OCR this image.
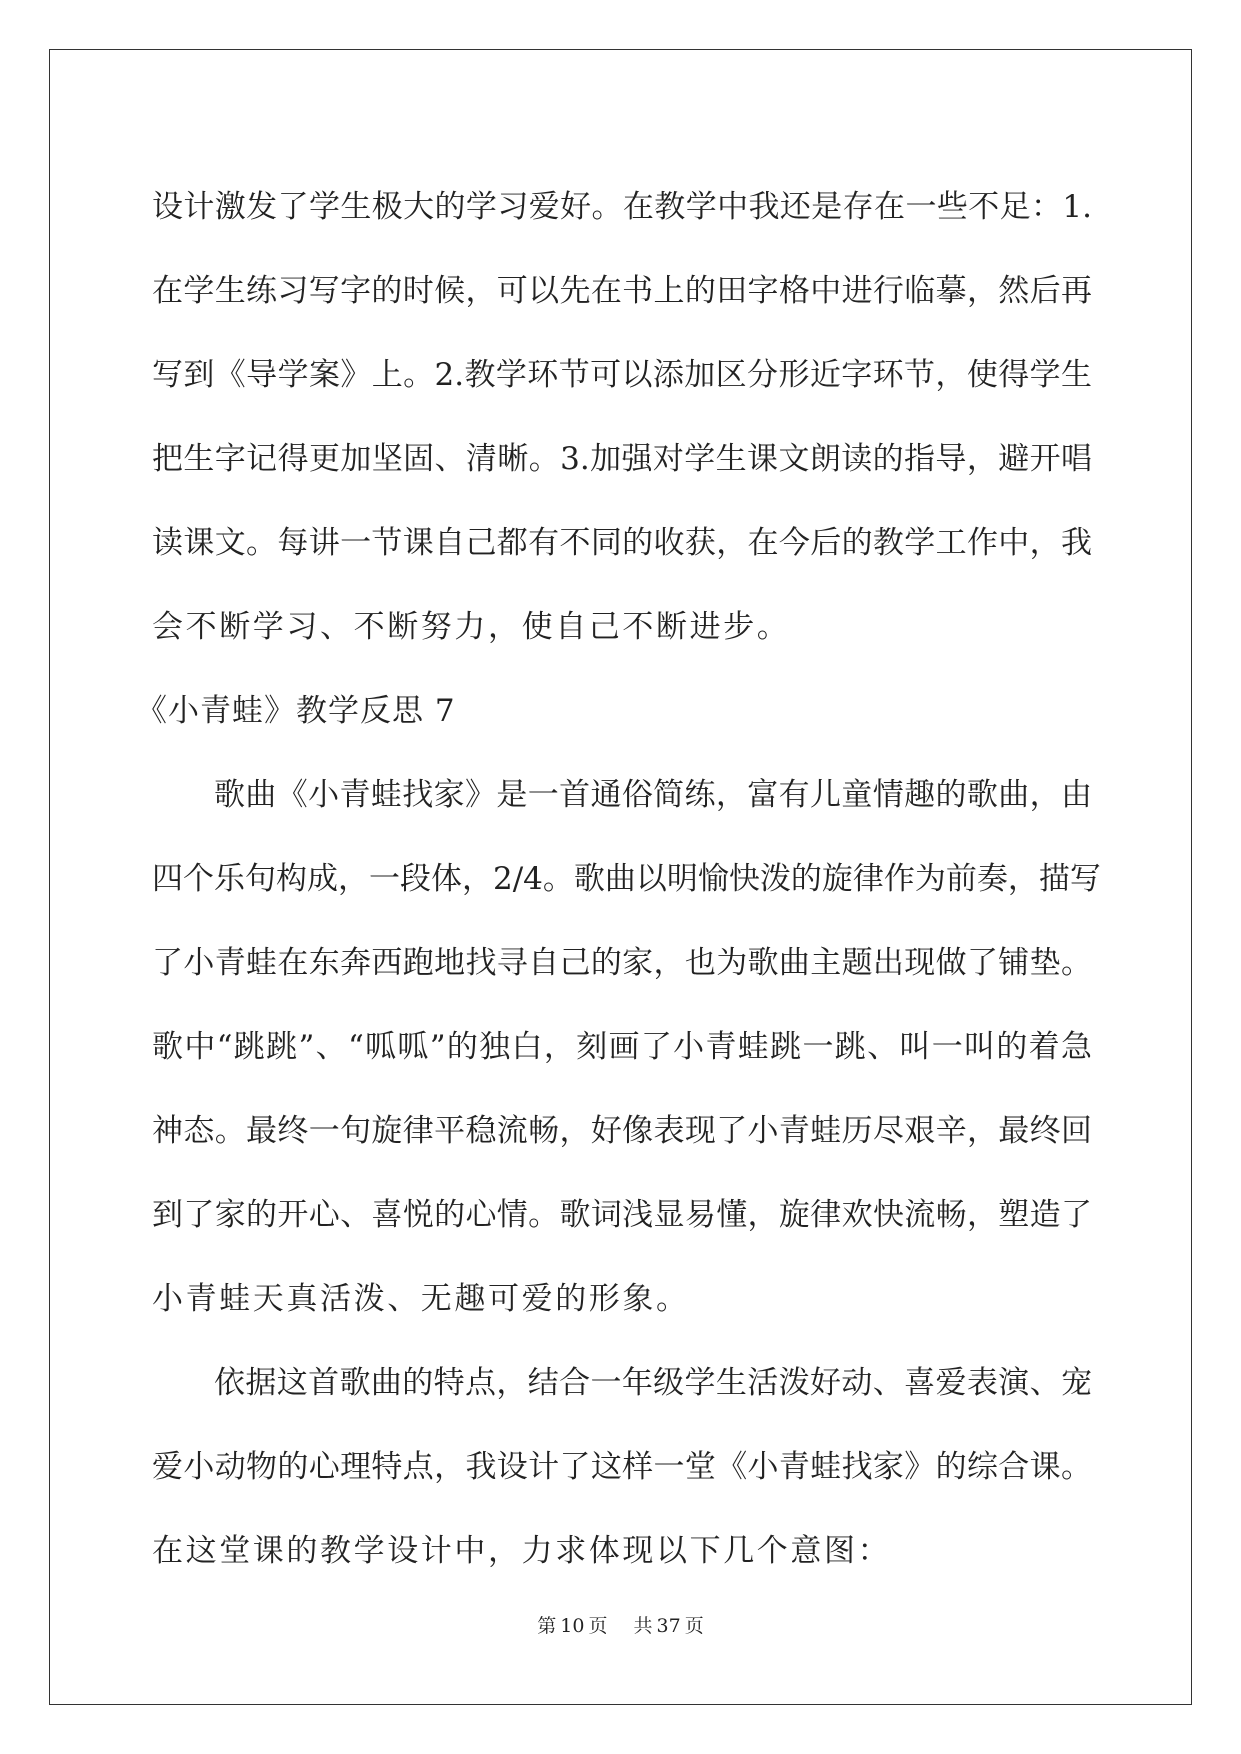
设计激发了学生极大的学习爱好。在教学中我还是存在一些不足：1.
在学生练习写字的时候，可以先在书上的田字格中进行临摹，然后再
写到《导学案》上。2.教学环节可以添加区分形近字环节，使得学生
把生字记得更加坚固、清晰。3.加强对学生课文朗读的指导，避开唱
读课文。每讲一节课自己都有不同的收获，在今后的教学工作中，我
会不断学习、不断努力，使自己不断进步。
《小青蛙》教学反思 7
歌曲《小青蛙找家》是一首通俗简练，富有儿童情趣的歌曲，由
四个乐句构成，一段体，2/4。歌曲以明愉快泼的旋律作为前奏，描写
了小青蛙在东奔西跑地找寻自己的家，也为歌曲主题出现做了铺垫。
歌中“跳跳”、“呱呱”的独白，刻画了小青蛙跳一跳、叫一叫的着急
神态。最终一句旋律平稳流畅，好像表现了小青蛙历尽艰辛，最终回
到了家的开心、喜悦的心情。歌词浅显易懂，旋律欢快流畅，塑造了
小青蛙天真活泼、无趣可爱的形象。
依据这首歌曲的特点，结合一年级学生活泼好动、喜爱表演、宠
爱小动物的心理特点，我设计了这样一堂《小青蛙找家》的综合课。
在这堂课的教学设计中，力求体现以下几个意图：
第 10 页 共 37 页
